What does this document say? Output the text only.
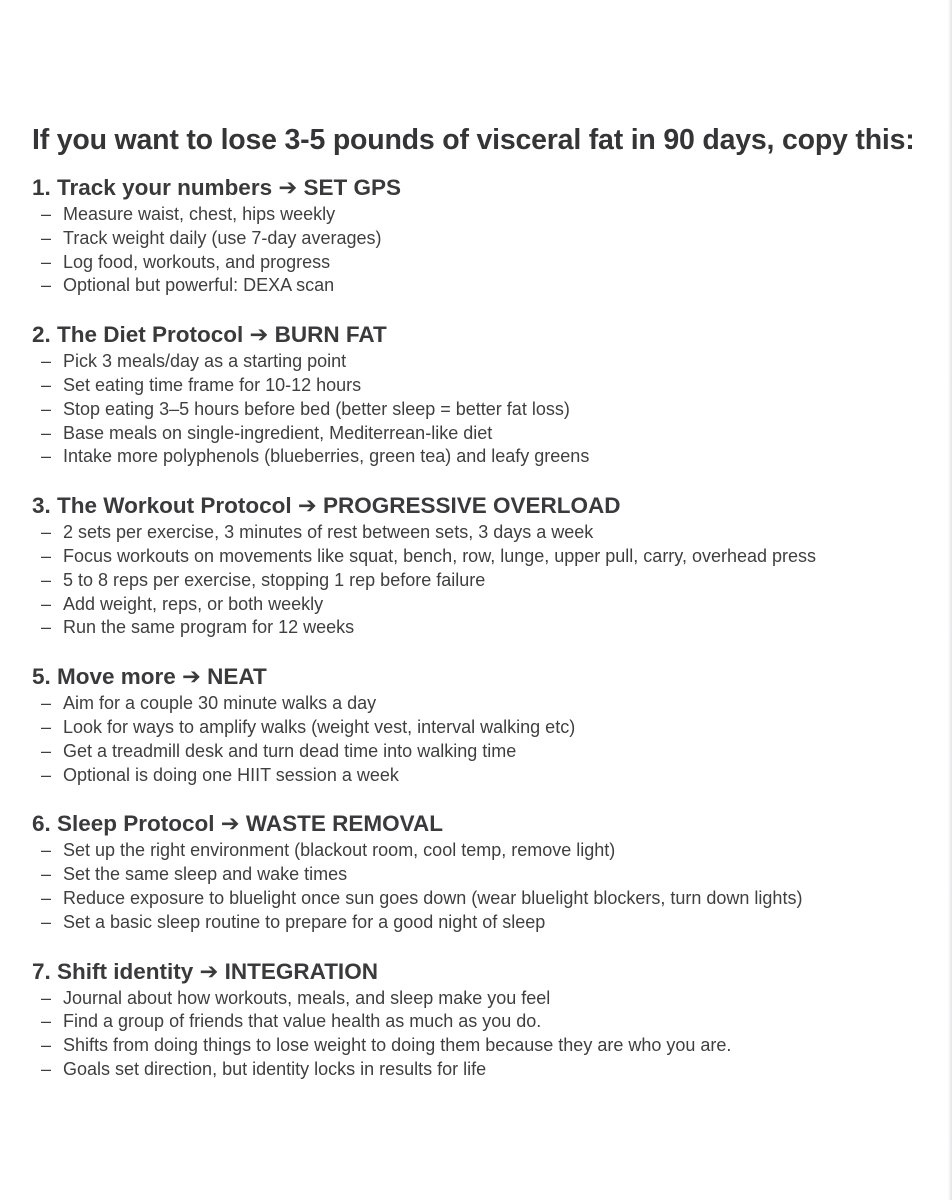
If you want to lose 3-5 pounds of visceral fat in 90 days, copy this:
1. Track your numbers ➔ SET GPS
– Measure waist, chest, hips weekly
– Track weight daily (use 7-day averages)
– Log food, workouts, and progress
– Optional but powerful: DEXA scan
2. The Diet Protocol ➔ BURN FAT
– Pick 3 meals/day as a starting point
– Set eating time frame for 10-12 hours
– Stop eating 3–5 hours before bed (better sleep = better fat loss)
– Base meals on single-ingredient, Mediterrean-like diet
– Intake more polyphenols (blueberries, green tea) and leafy greens
3. The Workout Protocol ➔ PROGRESSIVE OVERLOAD
– 2 sets per exercise, 3 minutes of rest between sets, 3 days a week
– Focus workouts on movements like squat, bench, row, lunge, upper pull, carry, overhead press
– 5 to 8 reps per exercise, stopping 1 rep before failure
– Add weight, reps, or both weekly
– Run the same program for 12 weeks
5. Move more ➔ NEAT
– Aim for a couple 30 minute walks a day
– Look for ways to amplify walks (weight vest, interval walking etc)
– Get a treadmill desk and turn dead time into walking time
– Optional is doing one HIIT session a week
6. Sleep Protocol ➔ WASTE REMOVAL
– Set up the right environment (blackout room, cool temp, remove light)
– Set the same sleep and wake times
– Reduce exposure to bluelight once sun goes down (wear bluelight blockers, turn down lights)
– Set a basic sleep routine to prepare for a good night of sleep
7. Shift identity ➔ INTEGRATION
– Journal about how workouts, meals, and sleep make you feel
– Find a group of friends that value health as much as you do.
– Shifts from doing things to lose weight to doing them because they are who you are.
– Goals set direction, but identity locks in results for life
